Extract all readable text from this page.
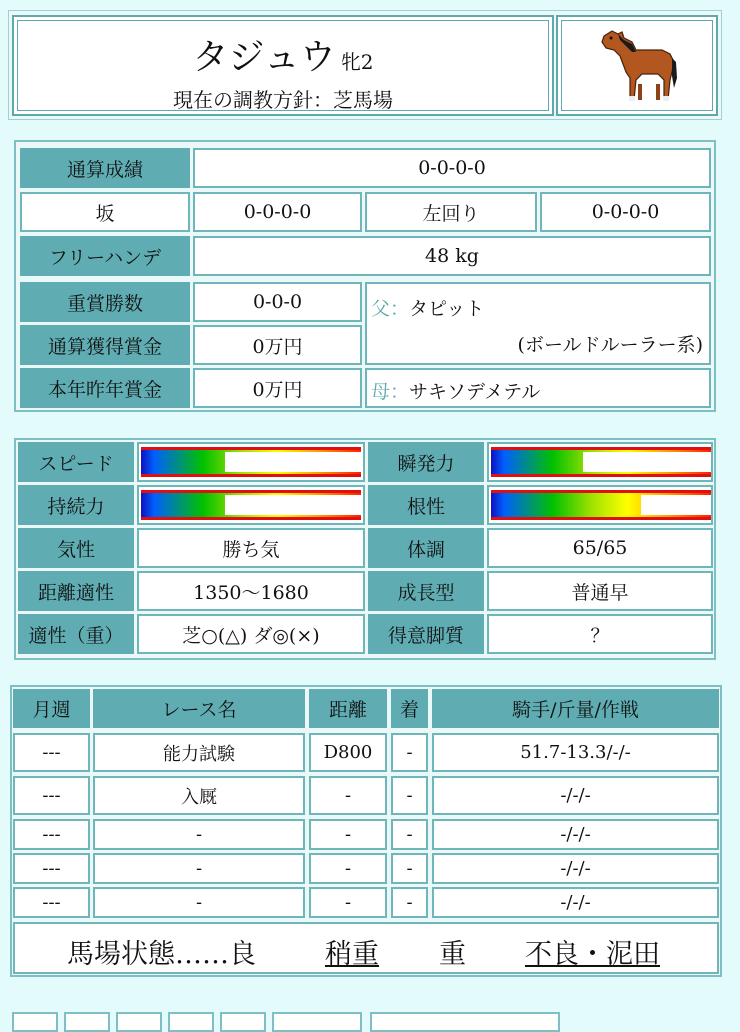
タジュウ 牝2
現在の調教方針：芝馬場
通算成績	0-0-0-0
坂	0-0-0-0	左回り	0-0-0-0
フリーハンデ	48 kg
重賞勝数	0-0-0
通算獲得賞金	0万円
本年昨年賞金	0万円
父：タピット
(ボールドルーラー系)
母：サキソデメテル
スピード	瞬発力
持続力	根性
気性	勝ち気	体調	65/65
距離適性	1350〜1680	成長型	普通早
適性（重）	芝○(△) ダ◎(×)	得意脚質	？
月週	レース名	距離	着	騎手/斤量/作戦
---	能力試験	D800	-	51.7-13.3/-/-
---	入厩	-	-	-/-/-
---	-	-	-	-/-/-
---	-	-	-	-/-/-
---	-	-	-	-/-/-
馬場状態……良	稍重 重 不良・泥田
